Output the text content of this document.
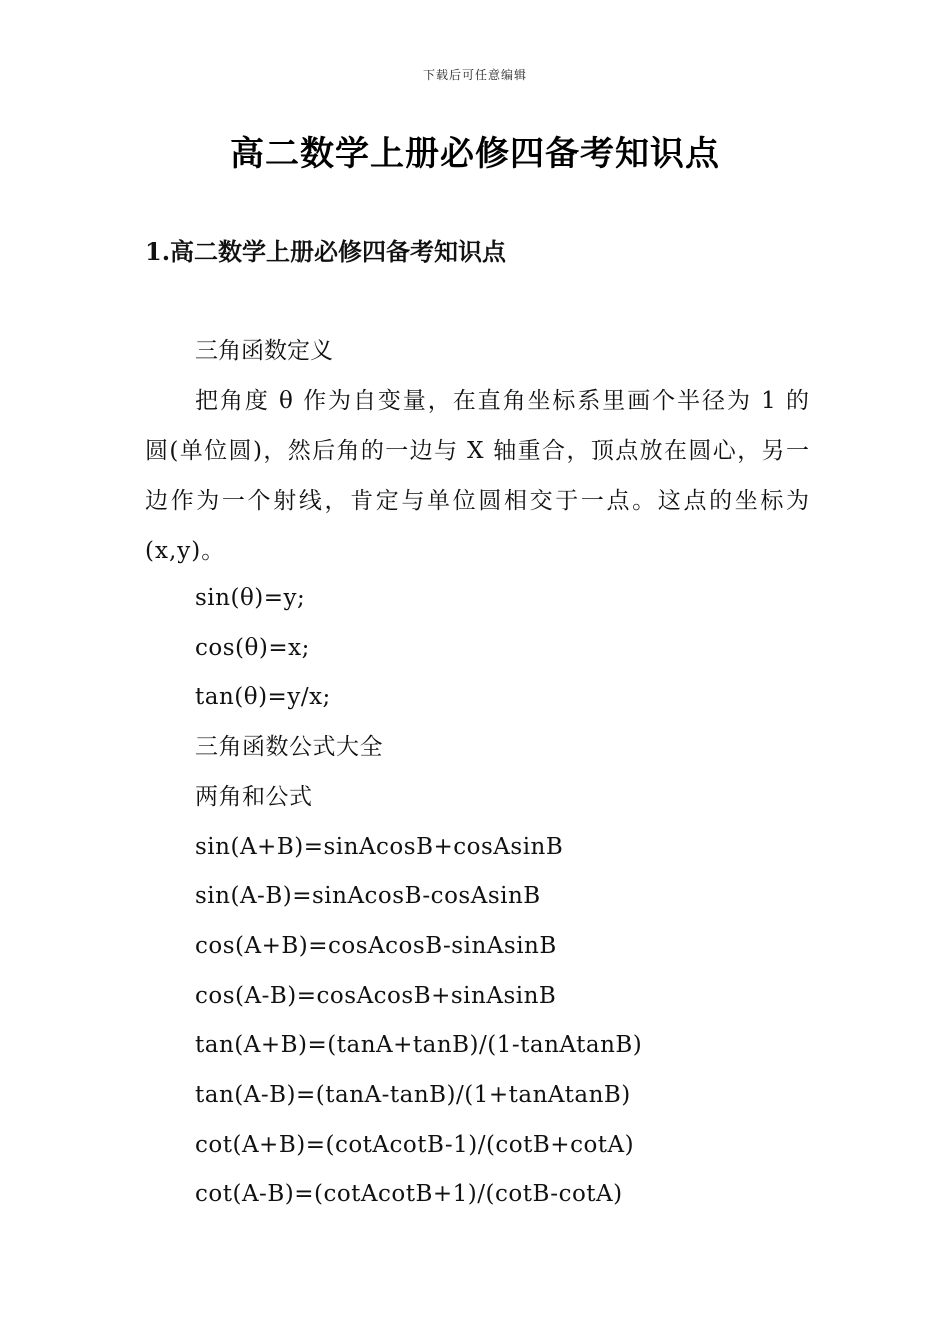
下载后可任意编辑
高二数学上册必修四备考知识点
1.高二数学上册必修四备考知识点
三角函数定义

把角度 θ 作为自变量，在直角坐标系里画个半径为 1 的圆(单位圆)，然后角的一边与 X 轴重合，顶点放在圆心，另一边作为一个射线，肯定与单位圆相交于一点。这点的坐标为(x,y)。

sin(θ)=y;
cos(θ)=x;
tan(θ)=y/x;
三角函数公式大全
两角和公式
sin(A+B)=sinAcosB+cosAsinB
sin(A-B)=sinAcosB-cosAsinB
cos(A+B)=cosAcosB-sinAsinB
cos(A-B)=cosAcosB+sinAsinB
tan(A+B)=(tanA+tanB)/(1-tanAtanB)
tan(A-B)=(tanA-tanB)/(1+tanAtanB)
cot(A+B)=(cotAcotB-1)/(cotB+cotA)
cot(A-B)=(cotAcotB+1)/(cotB-cotA)
